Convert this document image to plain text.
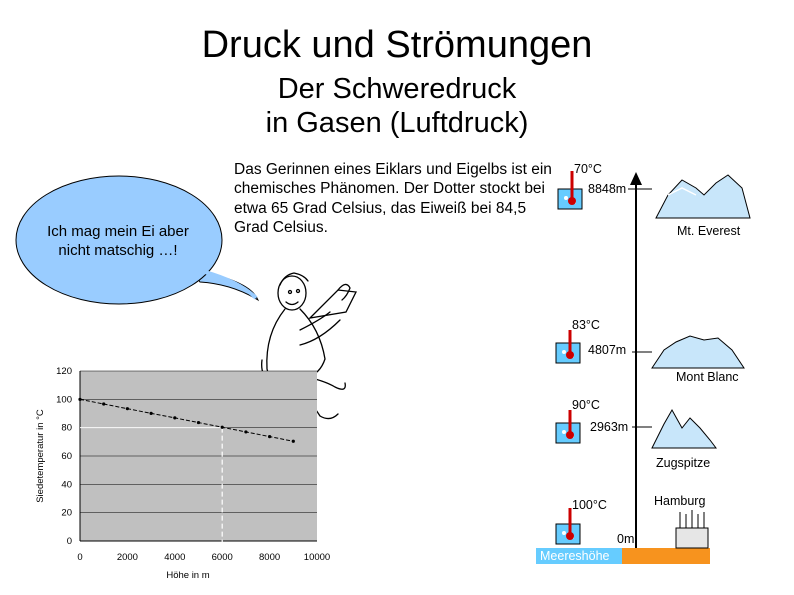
Druck und Strömungen
Der Schweredruck
in Gasen (Luftdruck)
Ich mag mein Ei aber nicht matschig …!
Das Gerinnen eines Eiklars und Eigelbs ist ein chemisches Phänomen. Der Dotter stockt bei etwa 65 Grad Celsius, das Eiweiß bei 84,5 Grad Celsius.
0
20
40
60
80
100
120
0	2000	4000	6000	8000 10000
Höhe in m
Siedetemperatur in °C
Meereshöhe
70°C
8848m
Mt. Everest
83°C
4807m
Mont Blanc
90°C
2963m
Zugspitze
100°C	Hamburg
0m
